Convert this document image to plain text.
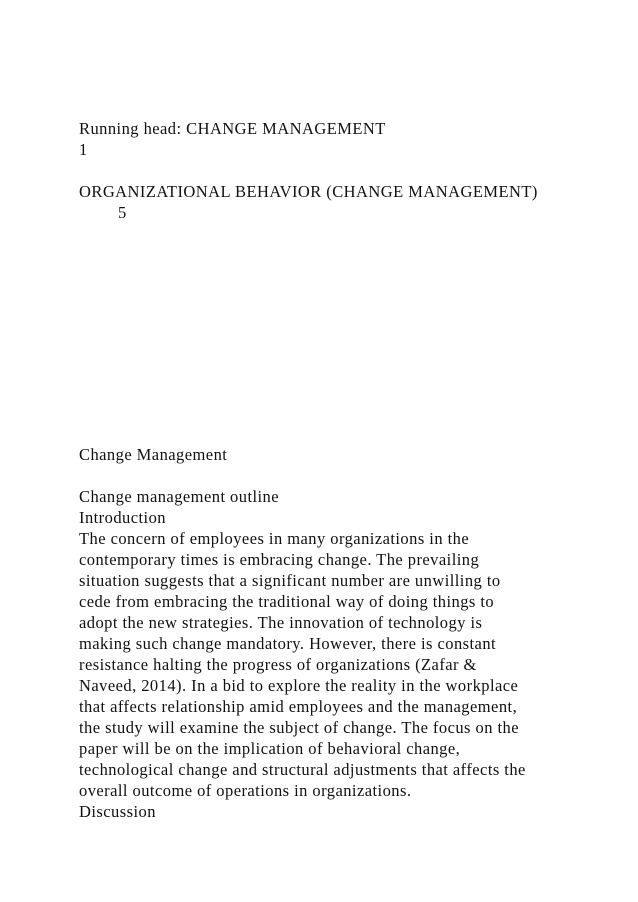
Running head: CHANGE MANAGEMENT

1

ORGANIZATIONAL BEHAVIOR (CHANGE MANAGEMENT)

5

Change Management

Change management outline

Introduction

The concern of employees in many organizations in the

contemporary times is embracing change. The prevailing

situation suggests that a significant number are unwilling to

cede from embracing the traditional way of doing things to

adopt the new strategies. The innovation of technology is

making such change mandatory. However, there is constant

resistance halting the progress of organizations (Zafar &

Naveed, 2014). In a bid to explore the reality in the workplace

that affects relationship amid employees and the management,

the study will examine the subject of change. The focus on the

paper will be on the implication of behavioral change,

technological change and structural adjustments that affects the

overall outcome of operations in organizations.

Discussion
